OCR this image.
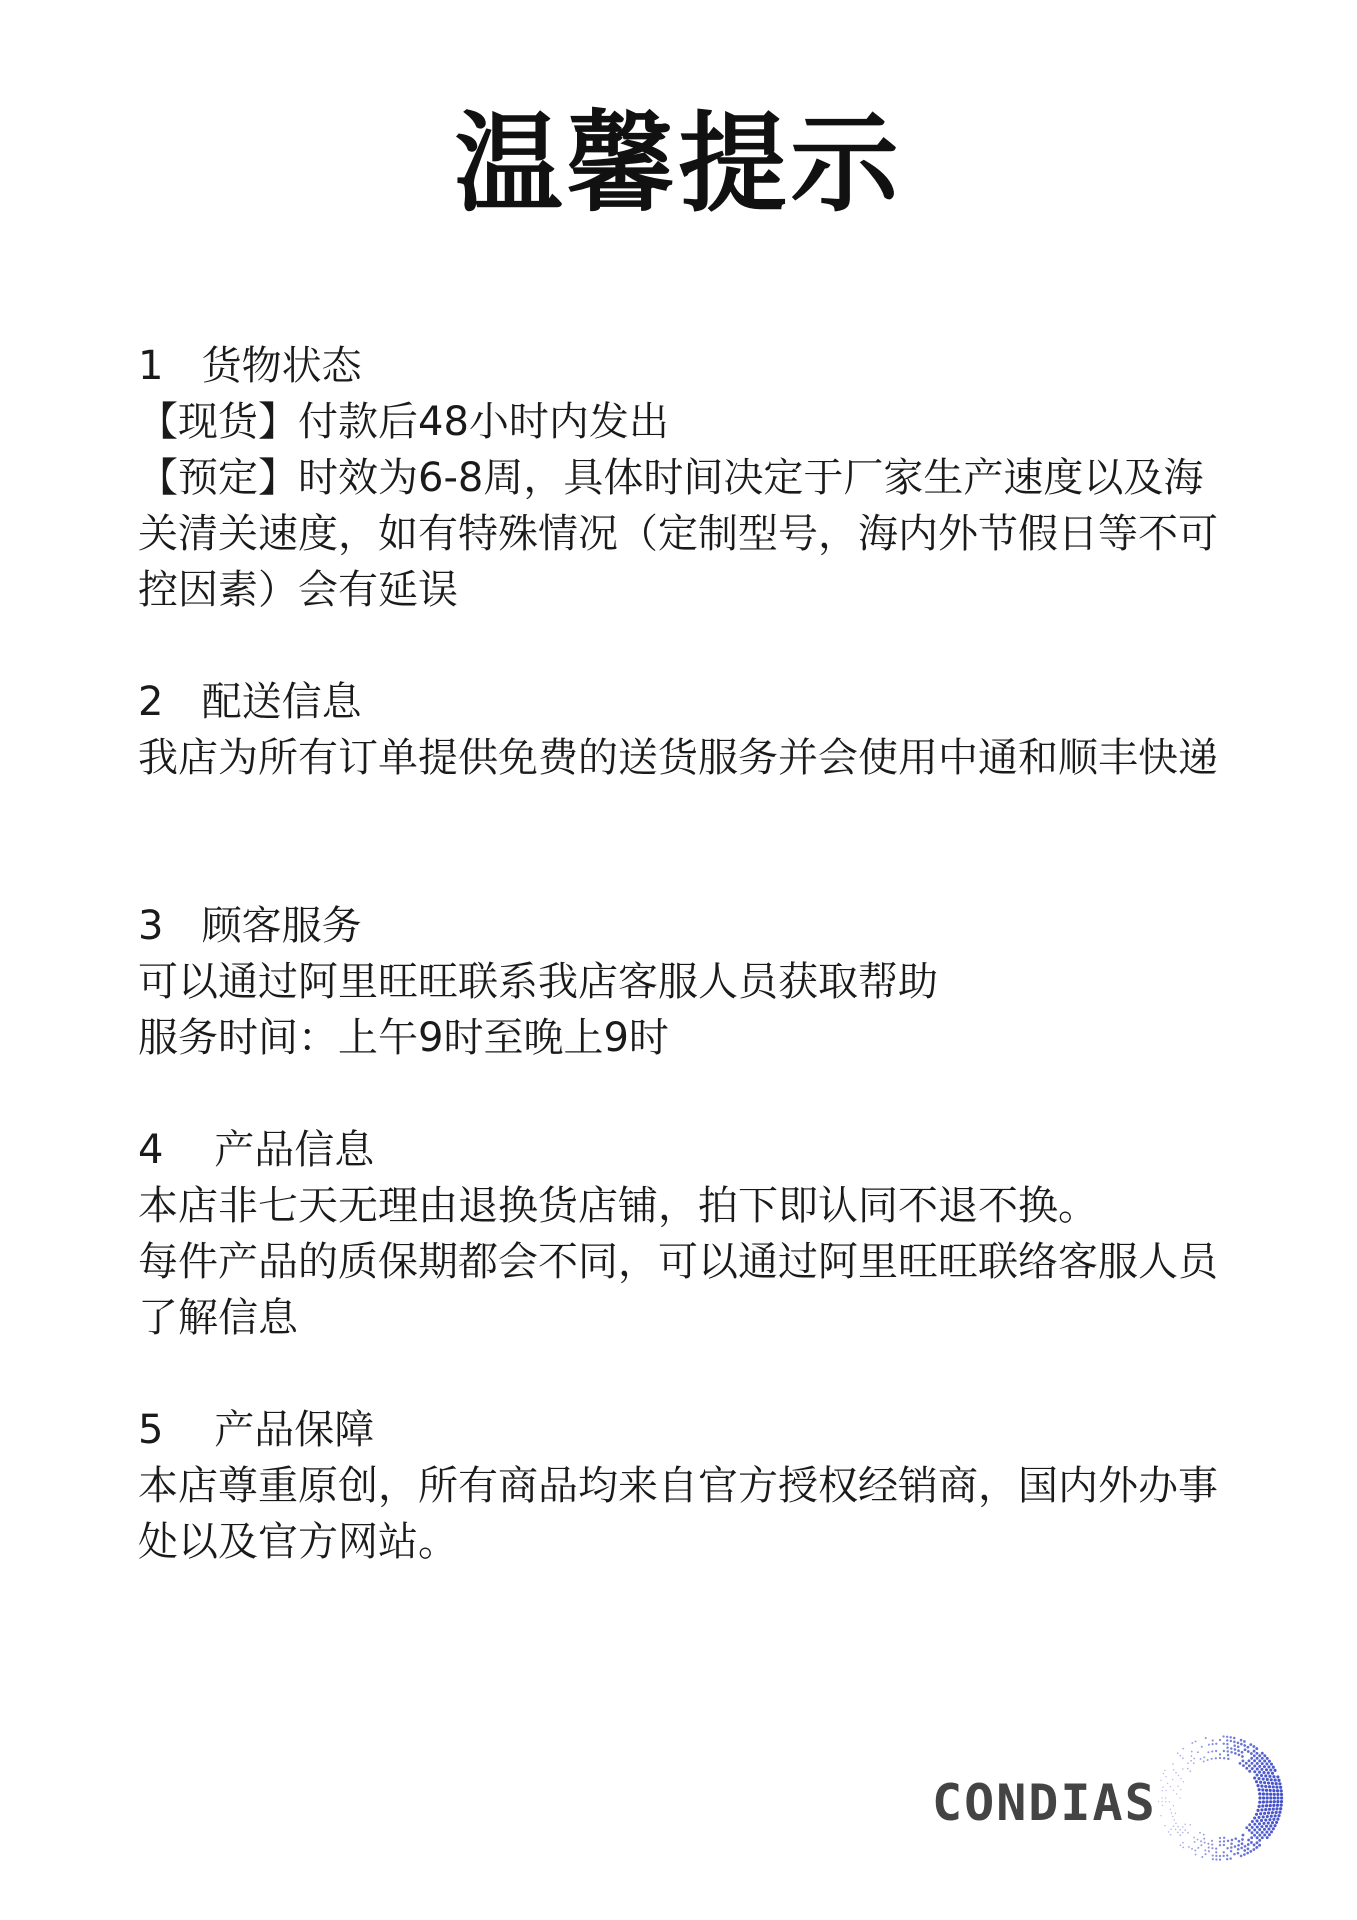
温馨提示
1   货物状态
【现货】付款后48小时内发出
【预定】时效为6-8周，具体时间决定于厂家生产速度以及海
关清关速度，如有特殊情况（定制型号，海内外节假日等不可
控因素）会有延误
2   配送信息
我店为所有订单提供免费的送货服务并会使用中通和顺丰快递
3   顾客服务
可以通过阿里旺旺联系我店客服人员获取帮助
服务时间：上午9时至晚上9时
4    产品信息
本店非七天无理由退换货店铺，拍下即认同不退不换。
每件产品的质保期都会不同，可以通过阿里旺旺联络客服人员
了解信息
5    产品保障
本店尊重原创，所有商品均来自官方授权经销商，国内外办事
处以及官方网站。
CONDIAS
